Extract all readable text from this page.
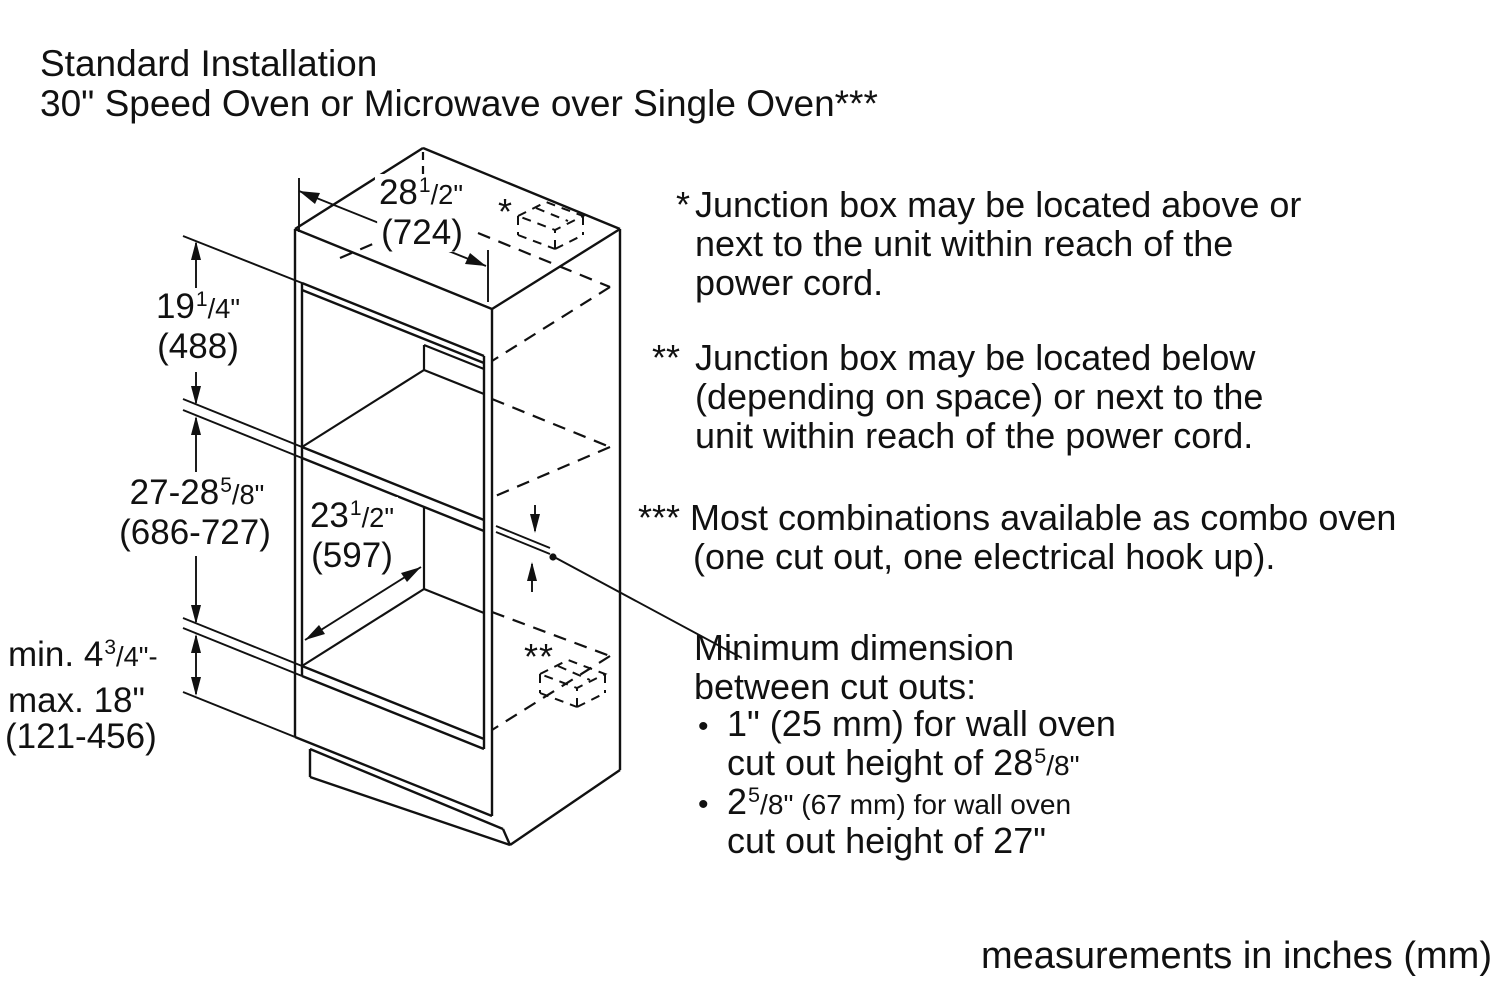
Standard Installation
30" Speed Oven or Microwave over Single Oven***
$28^1/2$"
(724)
$19^1/4$"
(488)
$27-28^5/8$"
(686-727)
min. $4^3/4"-$
max. 18"
(121-456)
$23^1/2$"
(597)
*
**
* Junction box may be located above or
next to the unit within reach of the
power cord.
** Junction box may be located below
(depending on space) or next to the
unit within reach of the power cord.
*** Most combinations available as combo oven
(one cut out, one electrical hook up).
Minimum dimension
between cut outs:
• 1" (25 mm) for wall oven
cut out height of $28^5/8$"
• $2^5/8$" (67 mm) for wall oven
cut out height of 27"
measurements in inches (mm)
